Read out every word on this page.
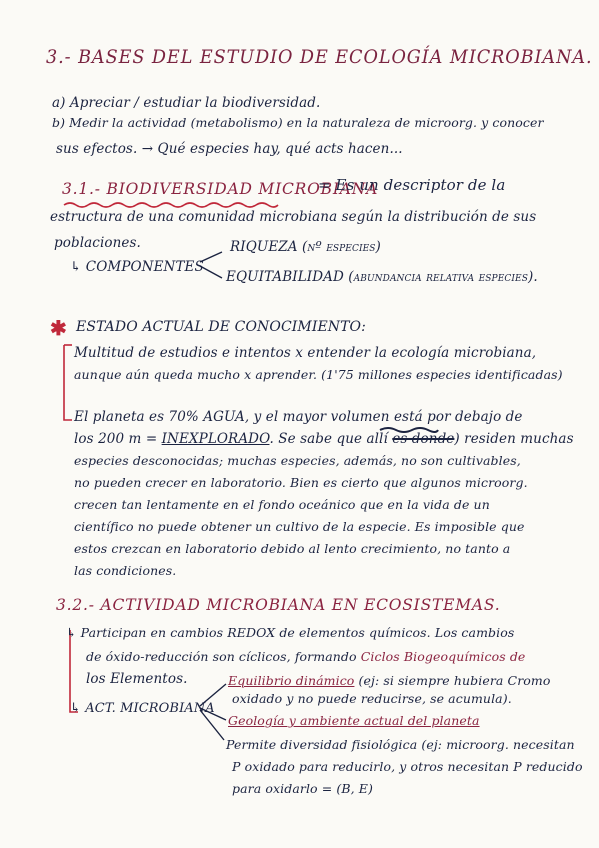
3.- BASES DEL ESTUDIO DE ECOLOGÍA MICROBIANA.
a) Apreciar / estudiar la biodiversidad.
b) Medir la actividad (metabolismo) en la naturaleza de microorg. y conocer
sus efectos. → Qué especies hay, qué acts hacen...
3.1.- BIODIVERSIDAD MICROBIANA
= Es un descriptor de la
estructura de una comunidad microbiana según la distribución de sus
poblaciones.
↳ COMPONENTES
RIQUEZA (nº especies)
EQUITABILIDAD (abundancia relativa especies).
✱ ESTADO ACTUAL DE CONOCIMIENTO:
Multitud de estudios e intentos x entender la ecología microbiana,
aunque aún queda mucho x aprender. (1'75 millones especies identificadas)
El planeta es 70% AGUA, y el mayor volumen está por debajo de
los 200 m = INEXPLORADO. Se sabe que allí es donde) residen muchas
especies desconocidas; muchas especies, además, no son cultivables,
no pueden crecer en laboratorio. Bien es cierto que algunos microorg.
crecen tan lentamente en el fondo oceánico que en la vida de un
científico no puede obtener un cultivo de la especie. Es imposible que
estos crezcan en laboratorio debido al lento crecimiento, no tanto a
las condiciones.
3.2.- ACTIVIDAD MICROBIANA EN ECOSISTEMAS.
↳ Participan en cambios REDOX de elementos químicos. Los cambios
de óxido-reducción son cíclicos, formando Ciclos Biogeoquímicos de
los Elementos.
↳ ACT. MICROBIANA
Equilibrio dinámico (ej: si siempre hubiera Cromo
oxidado y no puede reducirse, se acumula).
Geología y ambiente actual del planeta
Permite diversidad fisiológica (ej: microorg. necesitan
P oxidado para reducirlo, y otros necesitan P reducido
para oxidarlo = (B, E)
